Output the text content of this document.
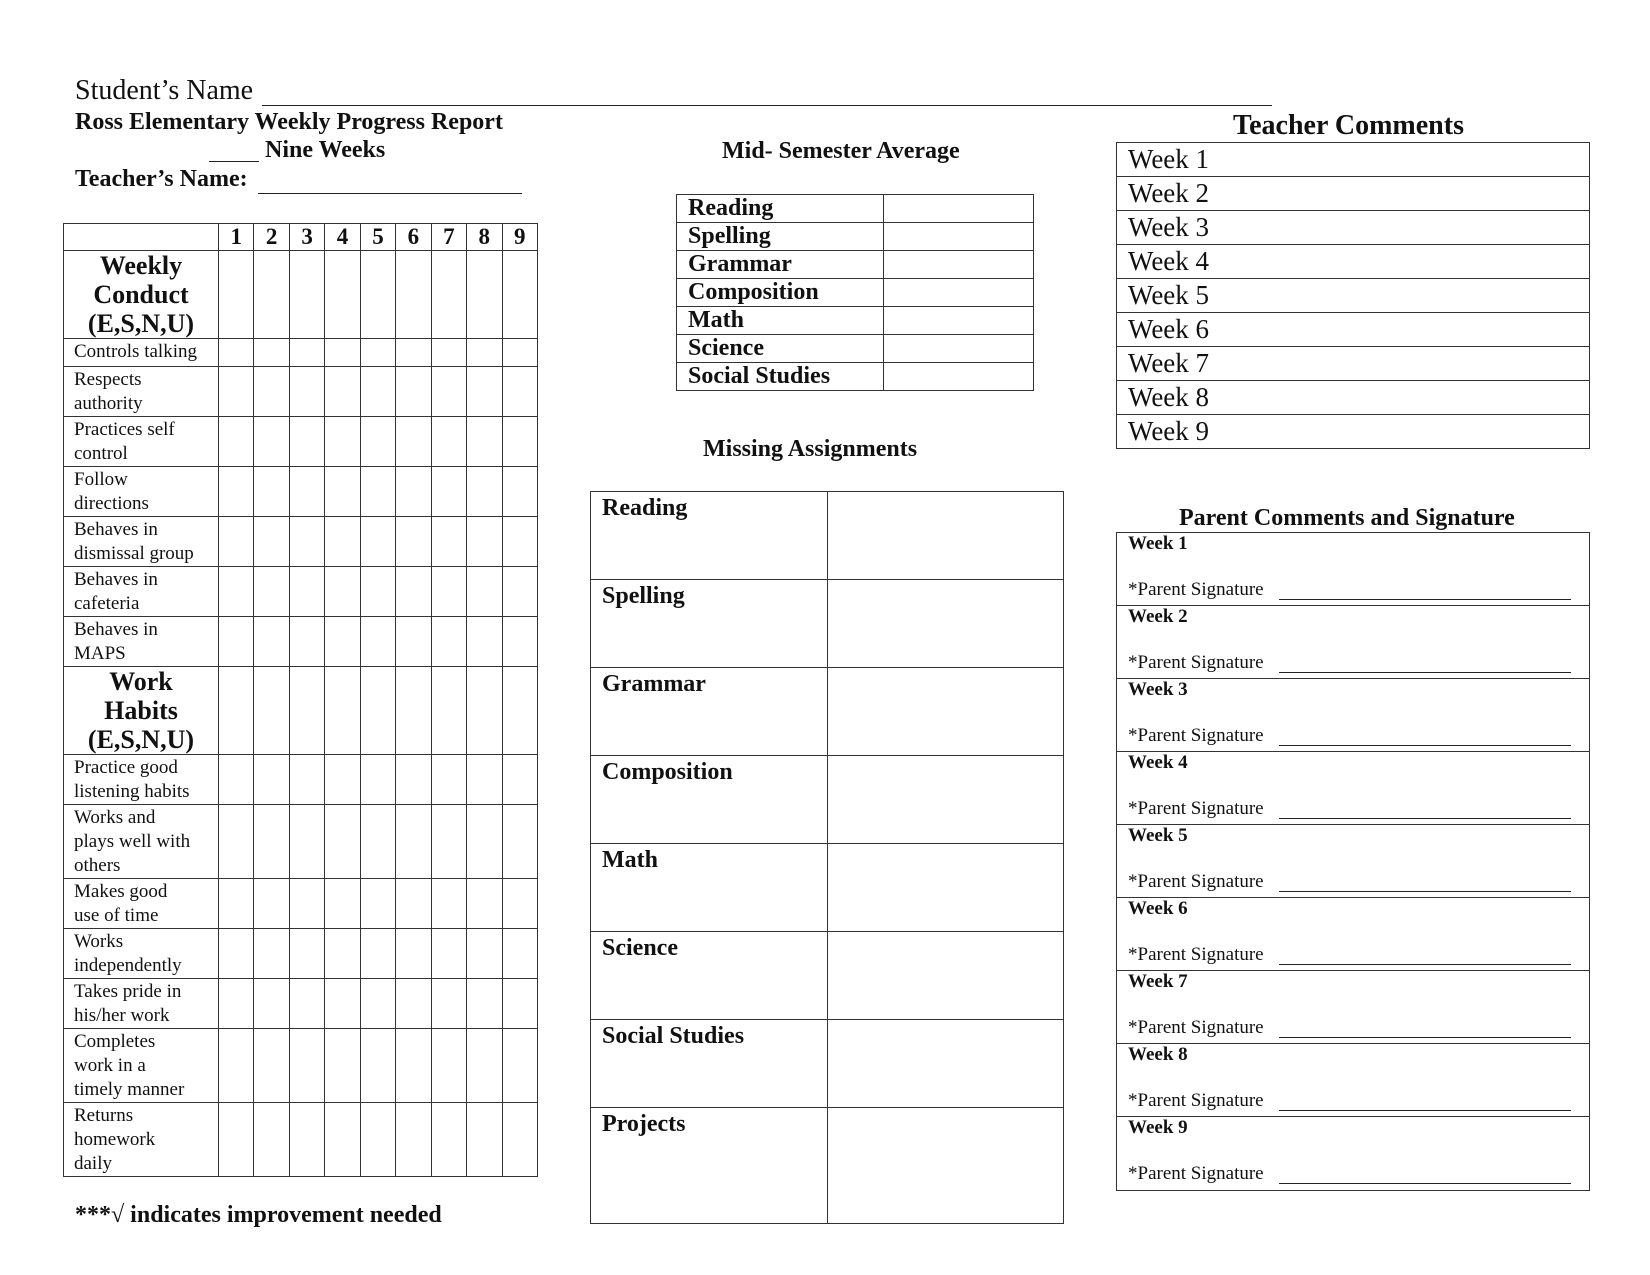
Student’s Name
Ross Elementary Weekly Progress Report
Nine Weeks
Teacher’s Name:
	1	2	3	4	5	6	7	8	9

Weekly
Conduct
(E,S,N,U)									

Controls talking									

Respects
authority									

Practices self
control									

Follow
directions									

Behaves in
dismissal group									

Behaves in
cafeteria									

Behaves in
MAPS									

Work
Habits
(E,S,N,U)									

Practice good
listening habits									

Works and
plays well with
others									

Makes good
use of time									

Works
independently									

Takes pride in
his/her work									

Completes
work in a
timely manner									

Returns
homework
daily									

***√ indicates improvement needed
Mid- Semester Average
Reading	
Spelling	
Grammar	
Composition	
Math	
Science	
Social Studies	
Missing Assignments
Reading	
Spelling	
Grammar	
Composition	
Math	
Science	
Social Studies	
Projects	
Teacher Comments
Week 1
Week 2
Week 3
Week 4
Week 5
Week 6
Week 7
Week 8
Week 9
Parent Comments and Signature
Week 1
*Parent Signature
Week 2
*Parent Signature
Week 3
*Parent Signature
Week 4
*Parent Signature
Week 5
*Parent Signature
Week 6
*Parent Signature
Week 7
*Parent Signature
Week 8
*Parent Signature
Week 9
*Parent Signature
